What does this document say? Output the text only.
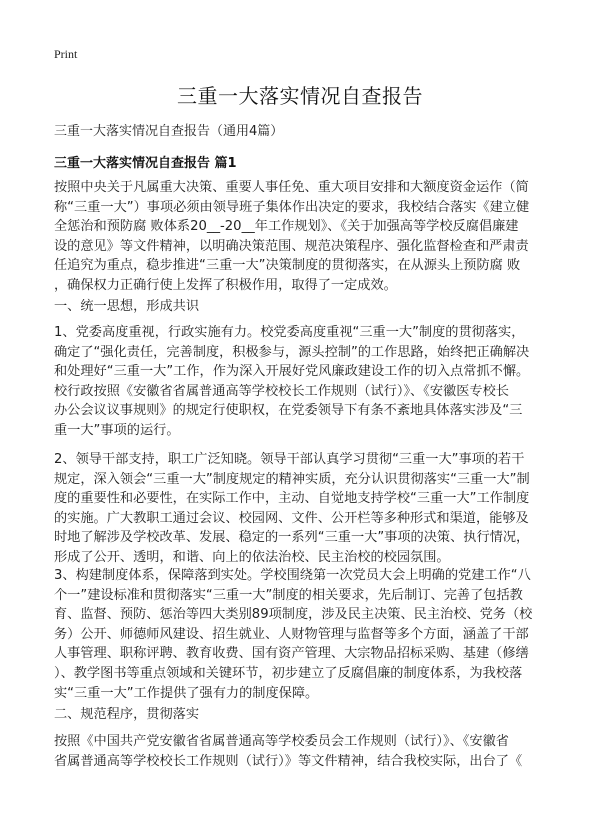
Print
三重一大落实情况自查报告
三重一大落实情况自查报告（通用4篇）
三重一大落实情况自查报告 篇1
按照中央关于凡属重大决策、重要人事任免、重大项目安排和大额度资金运作（简
称“三重一大”）事项必须由领导班子集体作出决定的要求，我校结合落实《建立健
全惩治和预防腐 败体系20__-20__年工作规划》、《关于加强高等学校反腐倡廉建
设的意见》等文件精神，以明确决策范围、规范决策程序、强化监督检查和严肃责
任追究为重点，稳步推进“三重一大”决策制度的贯彻落实，在从源头上预防腐 败
，确保权力正确行使上发挥了积极作用，取得了一定成效。
一、统一思想，形成共识
1、党委高度重视，行政实施有力。校党委高度重视“三重一大”制度的贯彻落实，
确定了“强化责任，完善制度，积极参与，源头控制”的工作思路，始终把正确解决
和处理好“三重一大”工作，作为深入开展好党风廉政建设工作的切入点常抓不懈。
校行政按照《安徽省省属普通高等学校校长工作规则（试行）》、《安徽医专校长
办公会议议事规则》的规定行使职权，在党委领导下有条不紊地具体落实涉及“三
重一大”事项的运行。
2、领导干部支持，职工广泛知晓。领导干部认真学习贯彻“三重一大”事项的若干
规定，深入领会“三重一大”制度规定的精神实质，充分认识贯彻落实“三重一大”制
度的重要性和必要性，在实际工作中，主动、自觉地支持学校“三重一大”工作制度
的实施。广大教职工通过会议、校园网、文件、公开栏等多种形式和渠道，能够及
时地了解涉及学校改革、发展、稳定的一系列“三重一大”事项的决策、执行情况，
形成了公开、透明，和谐、向上的依法治校、民主治校的校园氛围。
3、构建制度体系，保障落到实处。学校围绕第一次党员大会上明确的党建工作“八
个一”建设标准和贯彻落实“三重一大”制度的相关要求，先后制订、完善了包括教
育、监督、预防、惩治等四大类别89项制度，涉及民主决策、民主治校、党务（校
务）公开、师德师风建设、招生就业、人财物管理与监督等多个方面，涵盖了干部
人事管理、职称评聘、教育收费、国有资产管理、大宗物品招标采购、基建（修缮
）、教学图书等重点领域和关键环节，初步建立了反腐倡廉的制度体系，为我校落
实“三重一大”工作提供了强有力的制度保障。
二、规范程序，贯彻落实
按照《中国共产党安徽省省属普通高等学校委员会工作规则（试行）》、《安徽省
省属普通高等学校校长工作规则（试行）》等文件精神，结合我校实际，出台了《
